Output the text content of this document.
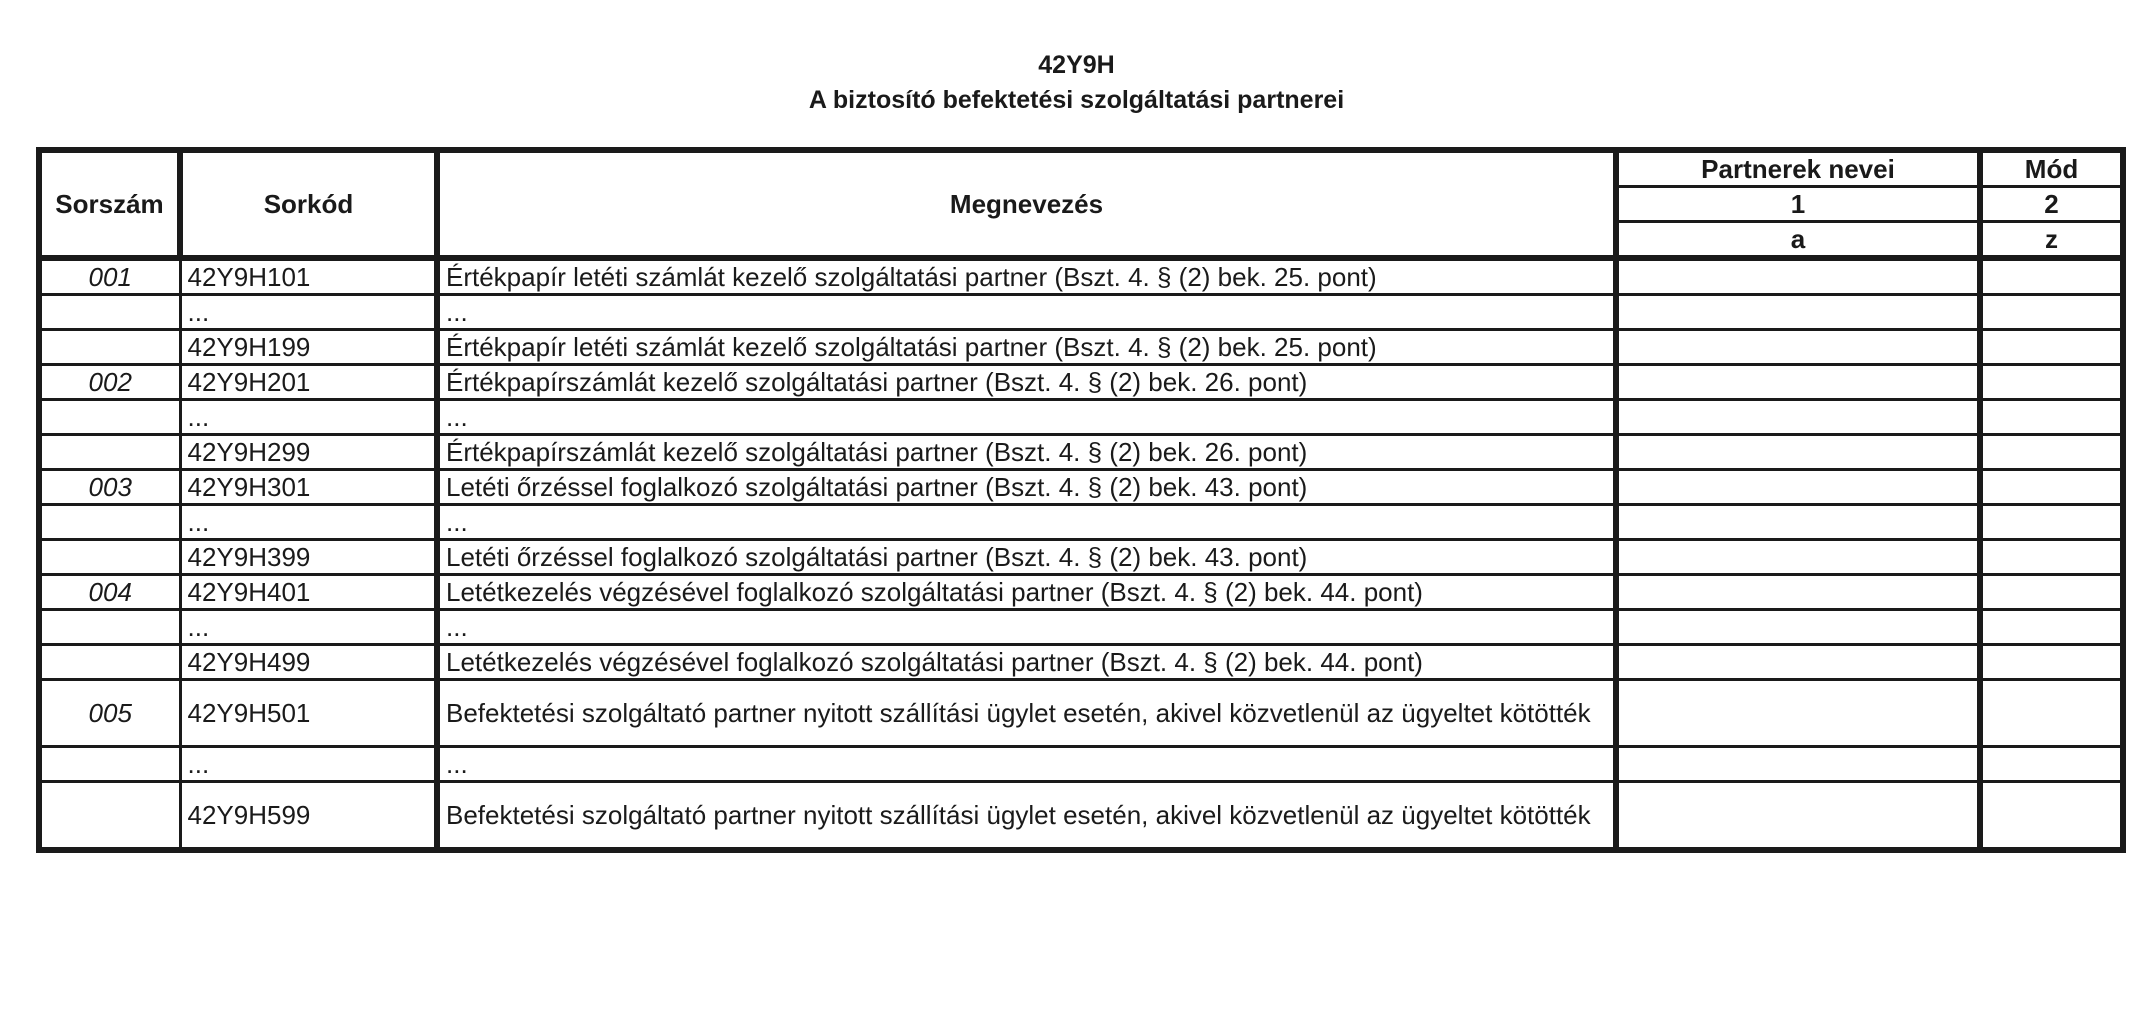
42Y9H
A biztosító befektetési szolgáltatási partnerei
Sorszám	Sorkód	Megnevezés	Partnerek nevei	Mód
			1	2
			a	z
001	42Y9H101	Értékpapír letéti számlát kezelő szolgáltatási partner (Bszt. 4. § (2) bek. 25. pont)		
	...	...		
	42Y9H199	Értékpapír letéti számlát kezelő szolgáltatási partner (Bszt. 4. § (2) bek. 25. pont)		
002	42Y9H201	Értékpapírszámlát kezelő szolgáltatási partner (Bszt. 4. § (2) bek. 26. pont)		
	...	...		
	42Y9H299	Értékpapírszámlát kezelő szolgáltatási partner (Bszt. 4. § (2) bek. 26. pont)		
003	42Y9H301	Letéti őrzéssel foglalkozó szolgáltatási partner (Bszt. 4. § (2) bek. 43. pont)		
	...	...		
	42Y9H399	Letéti őrzéssel foglalkozó szolgáltatási partner (Bszt. 4. § (2) bek. 43. pont)		
004	42Y9H401	Letétkezelés végzésével foglalkozó szolgáltatási partner (Bszt. 4. § (2) bek. 44. pont)		
	...	...		
	42Y9H499	Letétkezelés végzésével foglalkozó szolgáltatási partner (Bszt. 4. § (2) bek. 44. pont)		
005	42Y9H501	Befektetési szolgáltató partner nyitott szállítási ügylet esetén, akivel közvetlenül az ügyeltet kötötték		
	...	...		
	42Y9H599	Befektetési szolgáltató partner nyitott szállítási ügylet esetén, akivel közvetlenül az ügyeltet kötötték		
